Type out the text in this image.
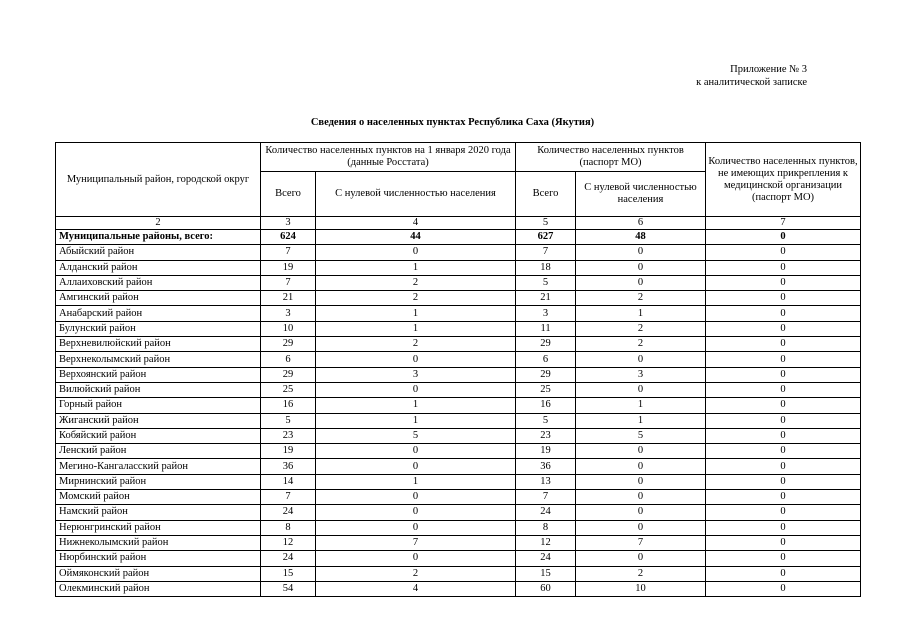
Приложение № 3
к аналитической записке
Сведения о населенных пунктах Республика Саха (Якутия)
Муниципальный район, городской округ	Количество населенных пунктов на 1 января 2020 года (данные Росстата)		Количество населенных пунктов (паспорт МО)		Количество населенных пунктов, не имеющих прикрепления к медицинской организации (паспорт МО)
	Всего	С нулевой численностью населения	Всего	С нулевой численностью населения	
2	3	4	5	6	7
Муниципальные районы, всего:	624	44	627	48	0
Абыйский район	7	0	7	0	0
Алданский район	19	1	18	0	0
Аллаиховский район	7	2	5	0	0
Амгинский район	21	2	21	2	0
Анабарский район	3	1	3	1	0
Булунский район	10	1	11	2	0
Верхневилюйский район	29	2	29	2	0
Верхнеколымский район	6	0	6	0	0
Верхоянский район	29	3	29	3	0
Вилюйский район	25	0	25	0	0
Горный район	16	1	16	1	0
Жиганский район	5	1	5	1	0
Кобяйский район	23	5	23	5	0
Ленский район	19	0	19	0	0
Мегино-Кангаласский район	36	0	36	0	0
Мирнинский район	14	1	13	0	0
Момский район	7	0	7	0	0
Намский район	24	0	24	0	0
Нерюнгринский район	8	0	8	0	0
Нижнеколымский район	12	7	12	7	0
Нюрбинский район	24	0	24	0	0
Оймяконский район	15	2	15	2	0
Олекминский район	54	4	60	10	0
